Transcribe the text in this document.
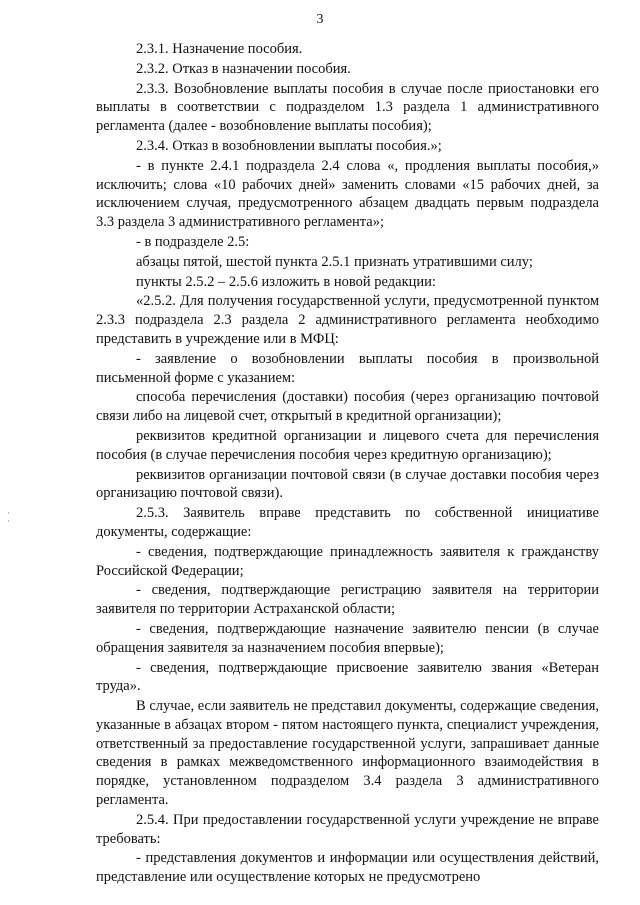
3

2.3.1. Назначение пособия.

2.3.2. Отказ в назначении пособия.

2.3.3. Возобновление выплаты пособия в случае после приостановки его выплаты в соответствии с подразделом 1.3 раздела 1 административного регламента (далее - возобновление выплаты пособия);

2.3.4. Отказ в возобновлении выплаты пособия.»;

- в пункте 2.4.1 подраздела 2.4 слова «, продления выплаты пособия,» исключить; слова «10 рабочих дней» заменить словами «15 рабочих дней, за исключением случая, предусмотренного абзацем двадцать первым подраздела 3.3 раздела 3 административного регламента»;

- в подразделе 2.5:

абзацы пятой, шестой пункта 2.5.1 признать утратившими силу;

пункты 2.5.2 – 2.5.6 изложить в новой редакции:

«2.5.2. Для получения государственной услуги, предусмотренной пунктом 2.3.3 подраздела 2.3 раздела 2 административного регламента необходимо представить в учреждение или в МФЦ:

- заявление о возобновлении выплаты пособия в произвольной письменной форме с указанием:

способа перечисления (доставки) пособия (через организацию почтовой связи либо на лицевой счет, открытый в кредитной организации);

реквизитов кредитной организации и лицевого счета для перечисления пособия (в случае перечисления пособия через кредитную организацию);

реквизитов организации почтовой связи (в случае доставки пособия через организацию почтовой связи).

2.5.3. Заявитель вправе представить по собственной инициативе документы, содержащие:

- сведения, подтверждающие принадлежность заявителя к гражданству Российской Федерации;

- сведения, подтверждающие регистрацию заявителя на территории заявителя по территории Астраханской области;

- сведения, подтверждающие назначение заявителю пенсии (в случае обращения заявителя за назначением пособия впервые);

- сведения, подтверждающие присвоение заявителю звания «Ветеран труда».

В случае, если заявитель не представил документы, содержащие сведения, указанные в абзацах втором - пятом настоящего пункта, специалист учреждения, ответственный за предоставление государственной услуги, запрашивает данные сведения в рамках межведомственного информационного взаимодействия в порядке, установленном подразделом 3.4 раздела 3 административного регламента.

2.5.4. При предоставлении государственной услуги учреждение не вправе требовать:

- представления документов и информации или осуществления действий, представление или осуществление которых не предусмотрено
